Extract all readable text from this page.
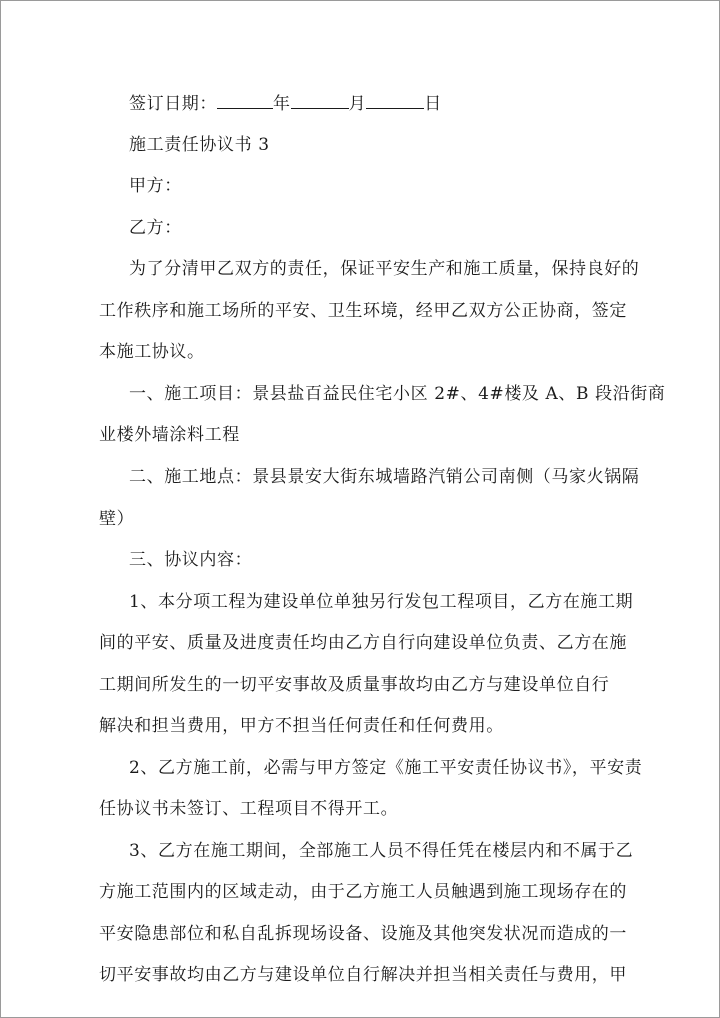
签订日期：	年	月	日
施工责任协议书 3
甲方：
乙方：
为了分清甲乙双方的责任，保证平安生产和施工质量，保持良好的
工作秩序和施工场所的平安、卫生环境，经甲乙双方公正协商，签定
本施工协议。
一、施工项目：景县盐百益民住宅小区 2#、4#楼及 A、B 段沿街商
业楼外墙涂料工程
二、施工地点：景县景安大街东城墙路汽销公司南侧（马家火锅隔
壁）
三、协议内容：
1、本分项工程为建设单位单独另行发包工程项目，乙方在施工期
间的平安、质量及进度责任均由乙方自行向建设单位负责、乙方在施
工期间所发生的一切平安事故及质量事故均由乙方与建设单位自行
解决和担当费用，甲方不担当任何责任和任何费用。
2、乙方施工前，必需与甲方签定《施工平安责任协议书》，平安责
任协议书未签订、工程项目不得开工。
3、乙方在施工期间，全部施工人员不得任凭在楼层内和不属于乙
方施工范围内的区域走动，由于乙方施工人员触遇到施工现场存在的
平安隐患部位和私自乱拆现场设备、设施及其他突发状况而造成的一
切平安事故均由乙方与建设单位自行解决并担当相关责任与费用，甲
